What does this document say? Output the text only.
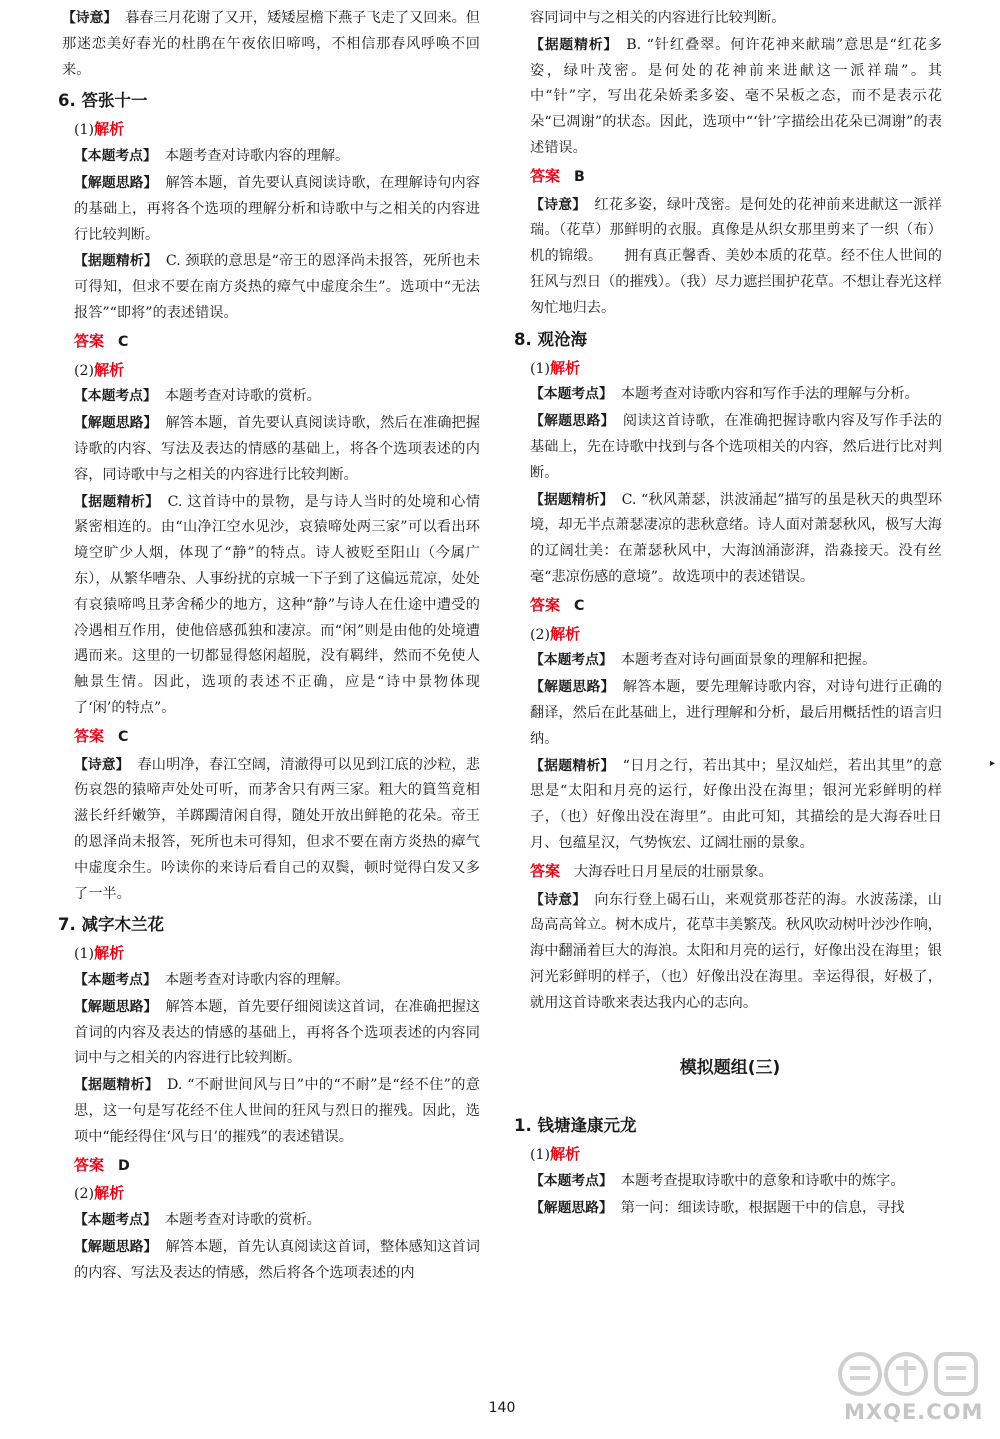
【诗意】 暮春三月花谢了又开，矮矮屋檐下燕子飞走了又回来。但那迷恋美好春光的杜鹃在午夜依旧啼鸣，不相信那春风呼唤不回来。

6. 答张十一

(1)解析

【本题考点】 本题考查对诗歌内容的理解。

【解题思路】 解答本题，首先要认真阅读诗歌，在理解诗句内容的基础上，再将各个选项的理解分析和诗歌中与之相关的内容进行比较判断。

【据题精析】 C. 颈联的意思是“帝王的恩泽尚未报答，死所也未可得知，但求不要在南方炎热的瘴气中虚度余生”。选项中“无法报答”“即将”的表述错误。

答案 C

(2)解析

【本题考点】 本题考查对诗歌的赏析。

【解题思路】 解答本题，首先要认真阅读诗歌，然后在准确把握诗歌的内容、写法及表达的情感的基础上，将各个选项表述的内容，同诗歌中与之相关的内容进行比较判断。

【据题精析】 C. 这首诗中的景物，是与诗人当时的处境和心情紧密相连的。由“山净江空水见沙，哀猿啼处两三家”可以看出环境空旷少人烟，体现了“静”的特点。诗人被贬至阳山（今属广东），从繁华嘈杂、人事纷扰的京城一下子到了这偏远荒凉，处处有哀猿啼鸣且茅舍稀少的地方，这种“静”与诗人在仕途中遭受的冷遇相互作用，使他倍感孤独和凄凉。而“闲”则是由他的处境遭遇而来。这里的一切都显得悠闲超脱，没有羁绊，然而不免使人触景生情。因此，选项的表述不正确，应是“诗中景物体现了‘闲’的特点”。

答案 C

【诗意】 春山明净，春江空阔，清澈得可以见到江底的沙粒，悲伤哀怨的猿啼声处处可听，而茅舍只有两三家。粗大的篔筜竟相滋长纤纤嫩笋，羊踯躅清闲自得，随处开放出鲜艳的花朵。帝王的恩泽尚未报答，死所也未可得知，但求不要在南方炎热的瘴气中虚度余生。吟读你的来诗后看自己的双鬓，顿时觉得白发又多了一半。

7. 减字木兰花

(1)解析

【本题考点】 本题考查对诗歌内容的理解。

【解题思路】 解答本题，首先要仔细阅读这首词，在准确把握这首词的内容及表达的情感的基础上，再将各个选项表述的内容同词中与之相关的内容进行比较判断。

【据题精析】 D. “不耐世间风与日”中的“不耐”是“经不住”的意思，这一句是写花经不住人世间的狂风与烈日的摧残。因此，选项中“能经得住‘风与日’的摧残”的表述错误。

答案 D

(2)解析

【本题考点】 本题考查对诗歌的赏析。

【解题思路】 解答本题，首先认真阅读这首词，整体感知这首词的内容、写法及表达的情感，然后将各个选项表述的内

容同词中与之相关的内容进行比较判断。

【据题精析】 B. “针红叠翠。何许花神来献瑞”意思是“红花多姿，绿叶茂密。是何处的花神前来进献这一派祥瑞”。其中“针”字，写出花朵娇柔多姿、毫不呆板之态，而不是表示花朵“已凋谢”的状态。因此，选项中“‘针’字描绘出花朵已凋谢”的表述错误。

答案 B

【诗意】 红花多姿，绿叶茂密。是何处的花神前来进献这一派祥瑞。（花草）那鲜明的衣服。真像是从织女那里剪来了一织（布）机的锦缎。　　拥有真正馨香、美妙本质的花草。经不住人世间的狂风与烈日（的摧残）。（我）尽力遮拦围护花草。不想让春光这样匆忙地归去。

8. 观沧海

(1)解析

【本题考点】 本题考查对诗歌内容和写作手法的理解与分析。

【解题思路】 阅读这首诗歌，在准确把握诗歌内容及写作手法的基础上，先在诗歌中找到与各个选项相关的内容，然后进行比对判断。

【据题精析】 C. “秋风萧瑟，洪波涌起”描写的虽是秋天的典型环境，却无半点萧瑟凄凉的悲秋意绪。诗人面对萧瑟秋风，极写大海的辽阔壮美：在萧瑟秋风中，大海汹涌澎湃，浩淼接天。没有丝毫“悲凉伤感的意境”。故选项中的表述错误。

答案 C

(2)解析

【本题考点】 本题考查对诗句画面景象的理解和把握。

【解题思路】 解答本题，要先理解诗歌内容，对诗句进行正确的翻译，然后在此基础上，进行理解和分析，最后用概括性的语言归纳。

【据题精析】 “日月之行，若出其中；星汉灿烂，若出其里”的意思是“太阳和月亮的运行，好像出没在海里；银河光彩鲜明的样子，（也）好像出没在海里”。由此可知，其描绘的是大海吞吐日月、包蕴星汉，气势恢宏、辽阔壮丽的景象。

答案 大海吞吐日月星辰的壮丽景象。

【诗意】 向东行登上碣石山，来观赏那苍茫的海。水波荡漾，山岛高高耸立。树木成片，花草丰美繁茂。秋风吹动树叶沙沙作响，海中翻涌着巨大的海浪。太阳和月亮的运行，好像出没在海里；银河光彩鲜明的样子，（也）好像出没在海里。幸运得很，好极了，就用这首诗歌来表达我内心的志向。

模拟题组(三)
1. 钱塘逢康元龙

(1)解析

【本题考点】 本题考查提取诗歌中的意象和诗歌中的炼字。

【解题思路】 第一问：细读诗歌，根据题干中的信息，寻找

▸
140	MXQE.COM
